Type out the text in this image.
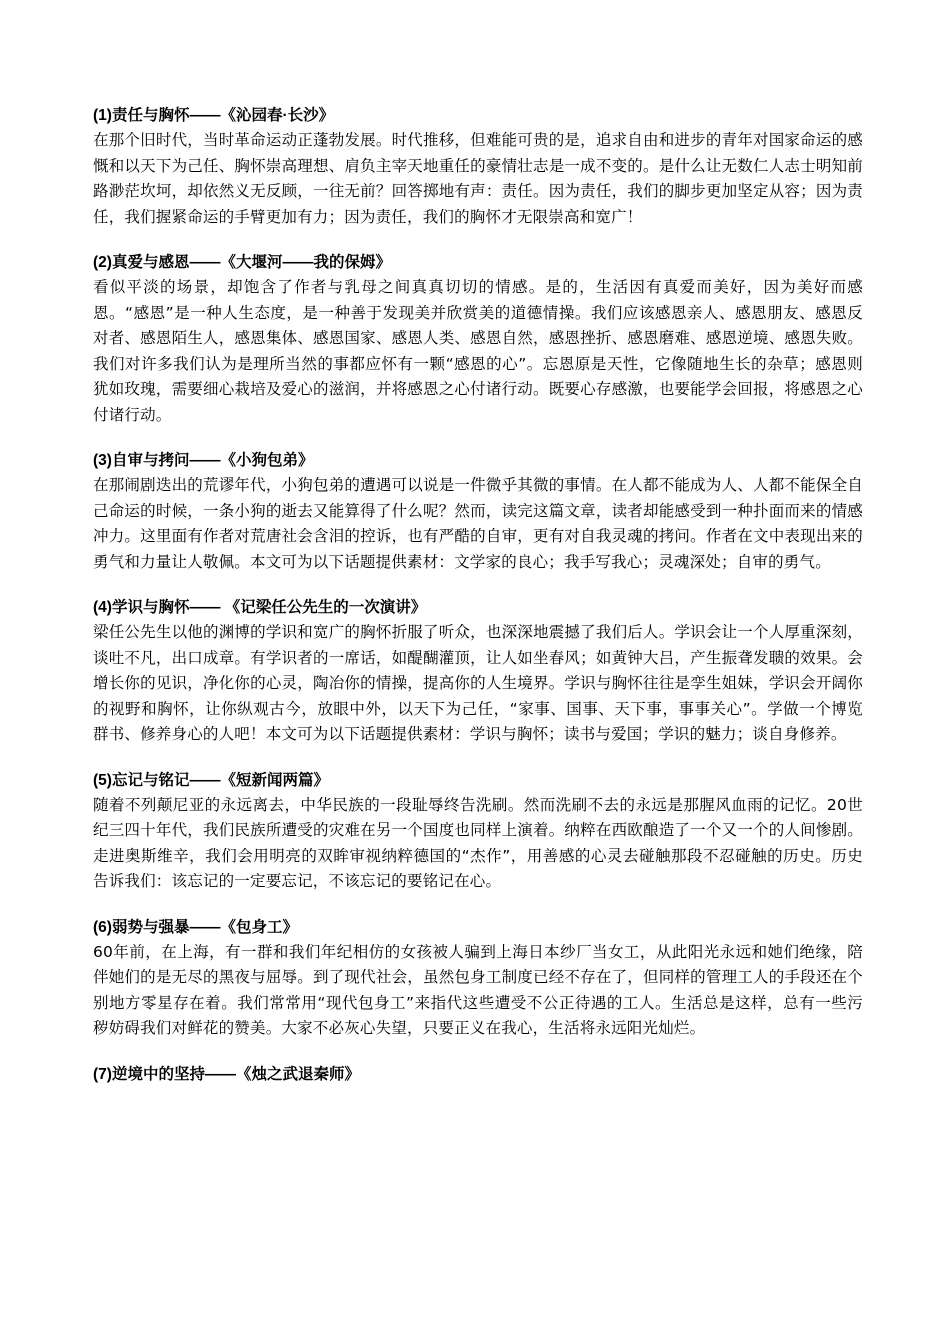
(1)责任与胸怀——《沁园春·长沙》

在那个旧时代，当时革命运动正蓬勃发展。时代推移，但难能可贵的是，追求自由和进步的青年对国家命运的感慨和以天下为己任、胸怀崇高理想、肩负主宰天地重任的豪情壮志是一成不变的。是什么让无数仁人志士明知前路渺茫坎坷，却依然义无反顾，一往无前？回答掷地有声：责任。因为责任，我们的脚步更加坚定从容；因为责任，我们握紧命运的手臂更加有力；因为责任，我们的胸怀才无限崇高和宽广！

(2)真爱与感恩——《大堰河——我的保姆》

看似平淡的场景，却饱含了作者与乳母之间真真切切的情感。是的，生活因有真爱而美好，因为美好而感恩。“感恩”是一种人生态度，是一种善于发现美并欣赏美的道德情操。我们应该感恩亲人、感恩朋友、感恩反对者、感恩陌生人，感恩集体、感恩国家、感恩人类、感恩自然，感恩挫折、感恩磨难、感恩逆境、感恩失败。我们对许多我们认为是理所当然的事都应怀有一颗“感恩的心”。忘恩原是天性，它像随地生长的杂草；感恩则犹如玫瑰，需要细心栽培及爱心的滋润，并将感恩之心付诸行动。既要心存感激，也要能学会回报，将感恩之心付诸行动。

(3)自审与拷问——《小狗包弟》

在那闹剧迭出的荒谬年代，小狗包弟的遭遇可以说是一件微乎其微的事情。在人都不能成为人、人都不能保全自己命运的时候，一条小狗的逝去又能算得了什么呢？然而，读完这篇文章，读者却能感受到一种扑面而来的情感冲力。这里面有作者对荒唐社会含泪的控诉，也有严酷的自审，更有对自我灵魂的拷问。作者在文中表现出来的勇气和力量让人敬佩。本文可为以下话题提供素材：文学家的良心；我手写我心；灵魂深处；自审的勇气。

(4)学识与胸怀—— 《记梁任公先生的一次演讲》

梁任公先生以他的渊博的学识和宽广的胸怀折服了听众，也深深地震撼了我们后人。学识会让一个人厚重深刻，谈吐不凡，出口成章。有学识者的一席话，如醍醐灌顶，让人如坐春风；如黄钟大吕，产生振聋发聩的效果。会增长你的见识，净化你的心灵，陶冶你的情操，提高你的人生境界。学识与胸怀往往是孪生姐妹，学识会开阔你的视野和胸怀，让你纵观古今，放眼中外，以天下为己任，“家事、国事、天下事，事事关心”。学做一个博览群书、修养身心的人吧！本文可为以下话题提供素材：学识与胸怀；读书与爱国；学识的魅力；谈自身修养。

(5)忘记与铭记——《短新闻两篇》

随着不列颠尼亚的永远离去，中华民族的一段耻辱终告洗刷。然而洗刷不去的永远是那腥风血雨的记忆。20世纪三四十年代，我们民族所遭受的灾难在另一个国度也同样上演着。纳粹在西欧酿造了一个又一个的人间惨剧。走进奥斯维辛，我们会用明亮的双眸审视纳粹德国的“杰作”，用善感的心灵去碰触那段不忍碰触的历史。历史告诉我们：该忘记的一定要忘记，不该忘记的要铭记在心。

(6)弱势与强暴——《包身工》

60年前，在上海，有一群和我们年纪相仿的女孩被人骗到上海日本纱厂当女工，从此阳光永远和她们绝缘，陪伴她们的是无尽的黑夜与屈辱。到了现代社会，虽然包身工制度已经不存在了，但同样的管理工人的手段还在个别地方零星存在着。我们常常用“现代包身工”来指代这些遭受不公正待遇的工人。生活总是这样，总有一些污秽妨碍我们对鲜花的赞美。大家不必灰心失望，只要正义在我心，生活将永远阳光灿烂。

(7)逆境中的坚持——《烛之武退秦师》
